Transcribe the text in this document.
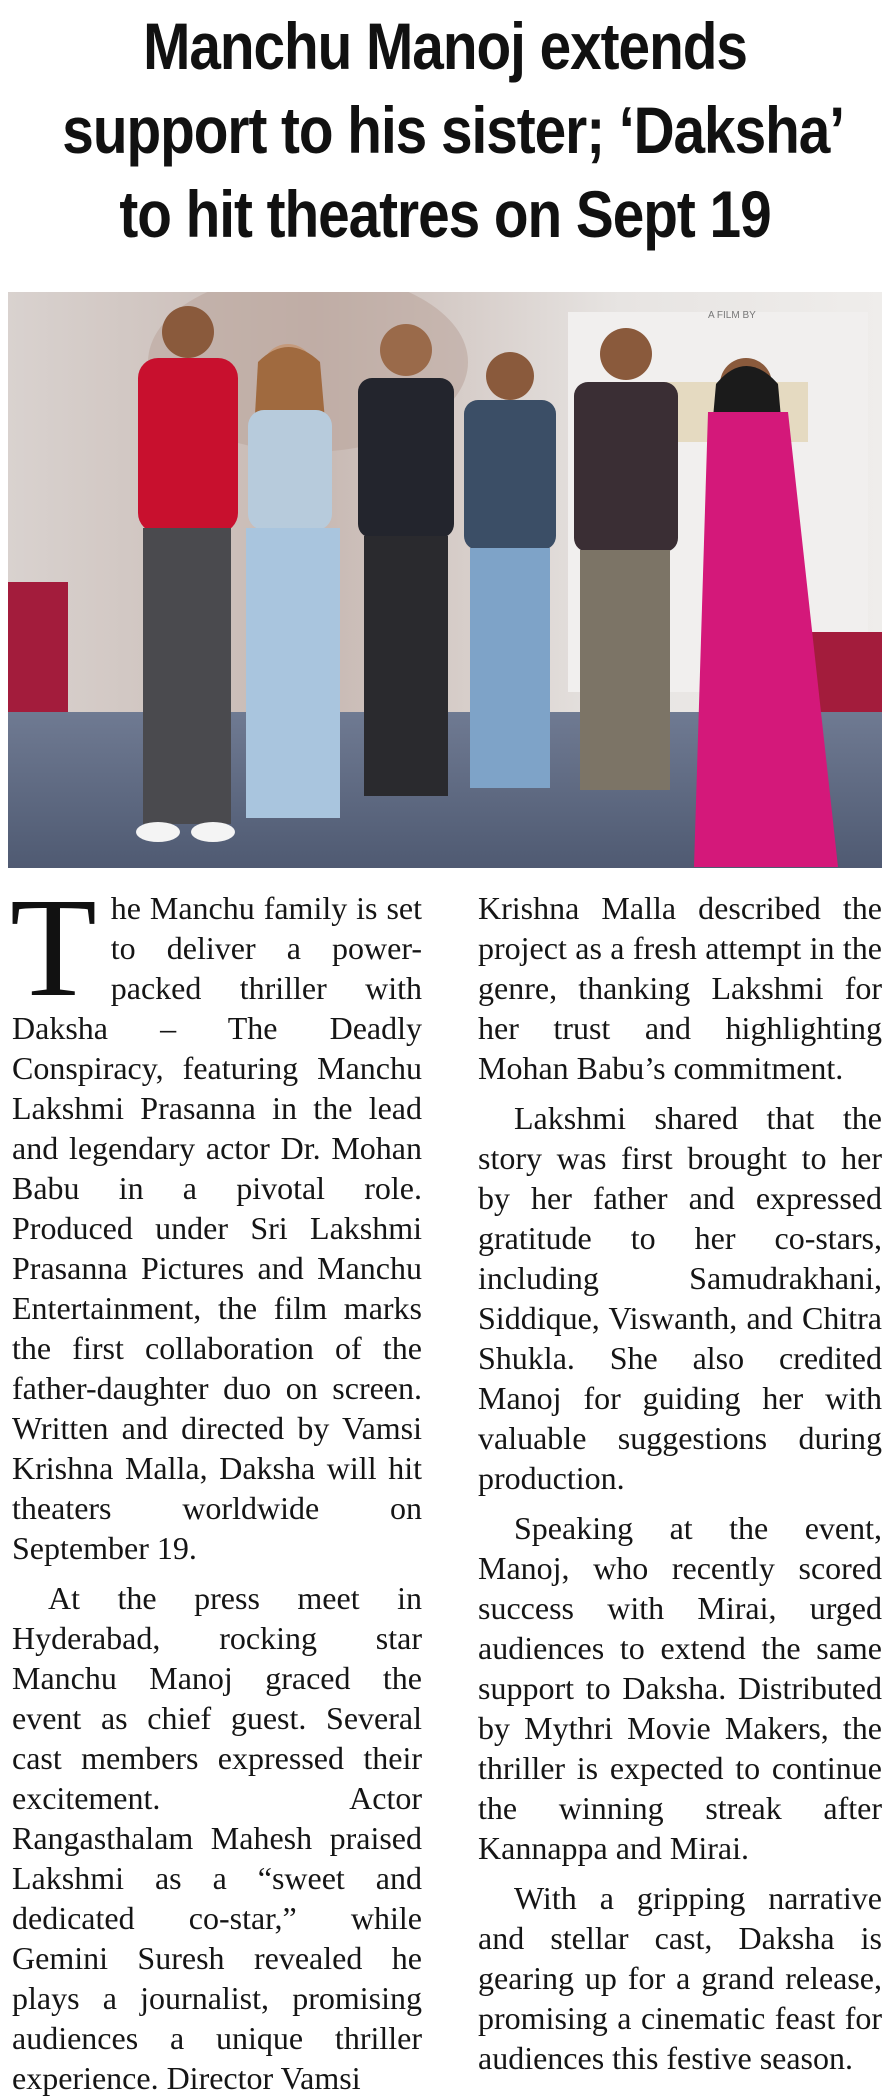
Manchu Manoj extends
support to his sister; ‘Daksha’
to hit theatres on Sept 19
A FILM BY

The Manchu family is set to deliver a power-packed thriller with Daksha – The Deadly Conspiracy, featuring Manchu Lakshmi Prasanna in the lead and legendary actor Dr. Mohan Babu in a pivotal role. Produced under Sri Lakshmi Prasanna Pictures and Manchu Entertainment, the film marks the first collaboration of the father-daughter duo on screen. Written and directed by Vamsi Krishna Malla, Daksha will hit theaters worldwide on September 19.

At the press meet in Hyderabad, rocking star Manchu Manoj graced the event as chief guest. Several cast members expressed their excitement. Actor Rangasthalam Mahesh praised Lakshmi as a “sweet and dedicated co-star,” while Gemini Suresh revealed he plays a journalist, promising audiences a unique thriller experience. Director Vamsi

Krishna Malla described the project as a fresh attempt in the genre, thanking Lakshmi for her trust and highlighting Mohan Babu’s commitment.

Lakshmi shared that the story was first brought to her by her father and expressed gratitude to her co-stars, including Samudrakhani, Siddique, Viswanth, and Chitra Shukla. She also credited Manoj for guiding her with valuable suggestions during production.

Speaking at the event, Manoj, who recently scored success with Mirai, urged audiences to extend the same support to Daksha. Distributed by Mythri Movie Makers, the thriller is expected to continue the winning streak after Kannappa and Mirai.

With a gripping narrative and stellar cast, Daksha is gearing up for a grand release, promising a cinematic feast for audiences this festive season.
